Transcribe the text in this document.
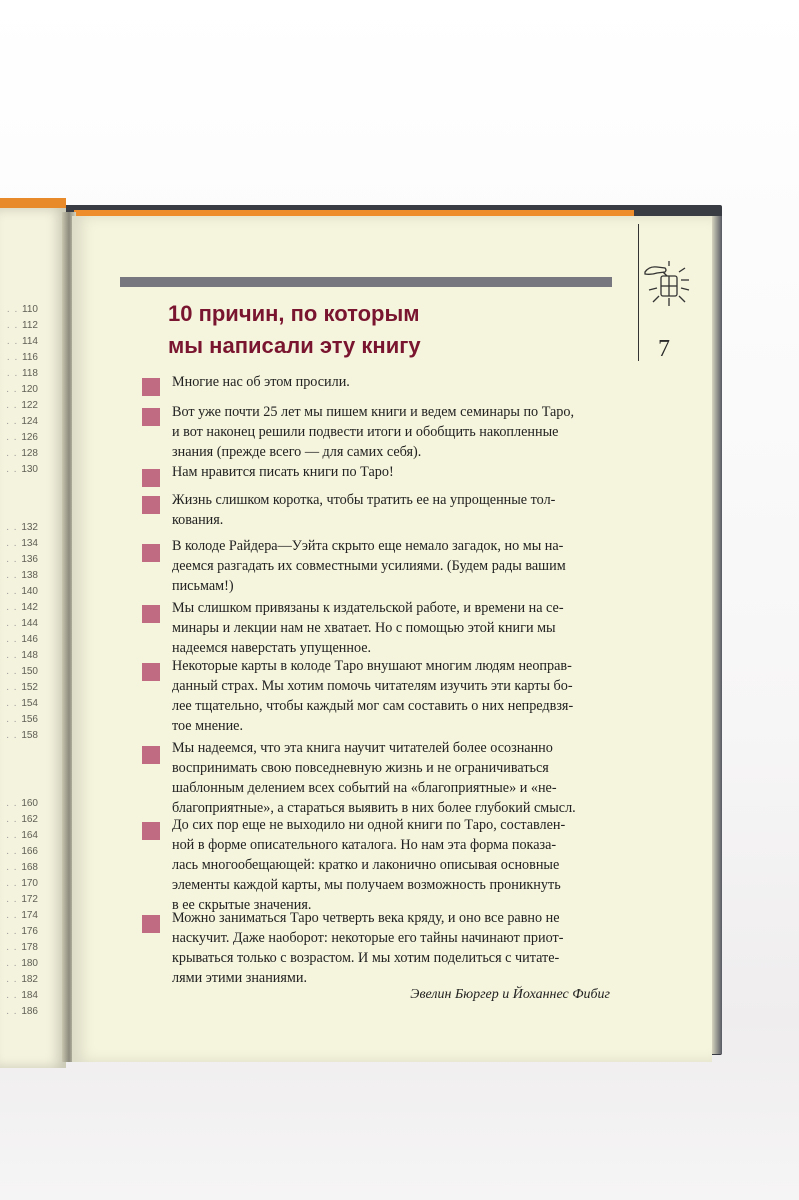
. . 110
. . 112
. . 114
. . 116
. . 118
. . 120
. . 122
. . 124
. . 126
. . 128
. . 130
. . 132
. . 134
. . 136
. . 138
. . 140
. . 142
. . 144
. . 146
. . 148
. . 150
. . 152
. . 154
. . 156
. . 158
. . 160
. . 162
. . 164
. . 166
. . 168
. . 170
. . 172
. . 174
. . 176
. . 178
. . 180
. . 182
. . 184
. . 186
7
10 причин, по которым
мы написали эту книгу
Многие нас об этом просили.
Вот уже почти 25 лет мы пишем книги и ведем семинары по Таро,
и вот наконец решили подвести итоги и обобщить накопленные
знания (прежде всего — для самих себя).
Нам нравится писать книги по Таро!
Жизнь слишком коротка, чтобы тратить ее на упрощенные тол-
кования.
В колоде Райдера—Уэйта скрыто еще немало загадок, но мы на-
деемся разгадать их совместными усилиями. (Будем рады вашим
письмам!)
Мы слишком привязаны к издательской работе, и времени на се-
минары и лекции нам не хватает. Но с помощью этой книги мы
надеемся наверстать упущенное.
Некоторые карты в колоде Таро внушают многим людям неоправ-
данный страх. Мы хотим помочь читателям изучить эти карты бо-
лее тщательно, чтобы каждый мог сам составить о них непредвзя-
тое мнение.
Мы надеемся, что эта книга научит читателей более осознанно
воспринимать свою повседневную жизнь и не ограничиваться
шаблонным делением всех событий на «благоприятные» и «не-
благоприятные», а стараться выявить в них более глубокий смысл.
До сих пор еще не выходило ни одной книги по Таро, составлен-
ной в форме описательного каталога. Но нам эта форма показа-
лась многообещающей: кратко и лаконично описывая основные
элементы каждой карты, мы получаем возможность проникнуть
в ее скрытые значения.
Можно заниматься Таро четверть века кряду, и оно все равно не
наскучит. Даже наоборот: некоторые его тайны начинают приот-
крываться только с возрастом. И мы хотим поделиться с читате-
лями этими знаниями.
Эвелин Бюргер и Йоханнес Фибиг
